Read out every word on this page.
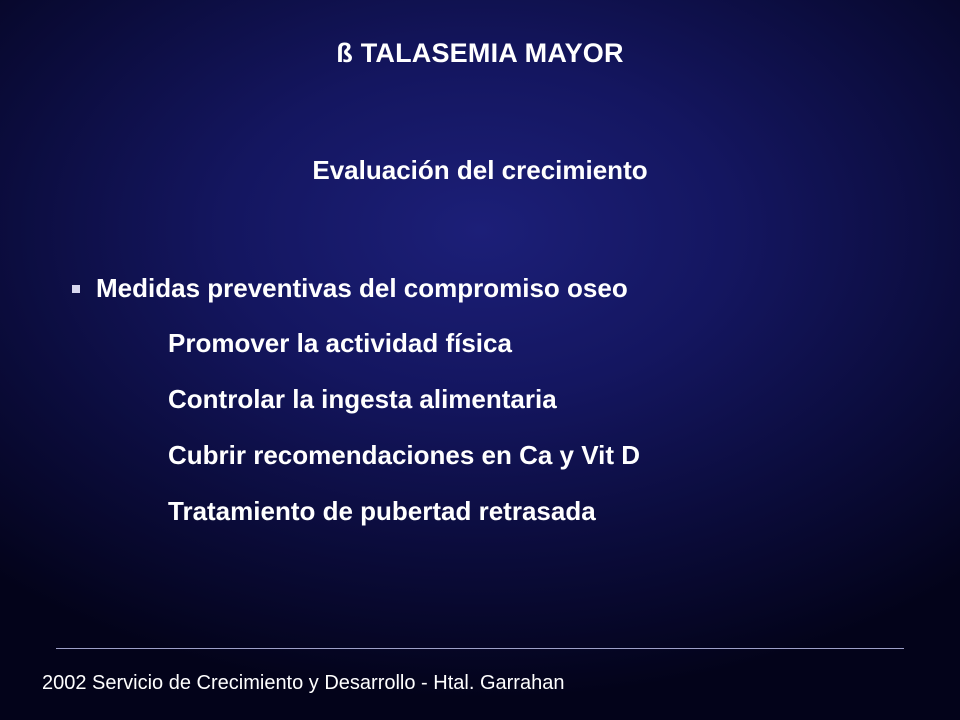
ß TALASEMIA MAYOR
Evaluación del crecimiento
Medidas preventivas del compromiso oseo
Promover la actividad física
Controlar la ingesta alimentaria
Cubrir recomendaciones en Ca y Vit D
Tratamiento de pubertad retrasada
2002 Servicio de Crecimiento y Desarrollo - Htal. Garrahan
